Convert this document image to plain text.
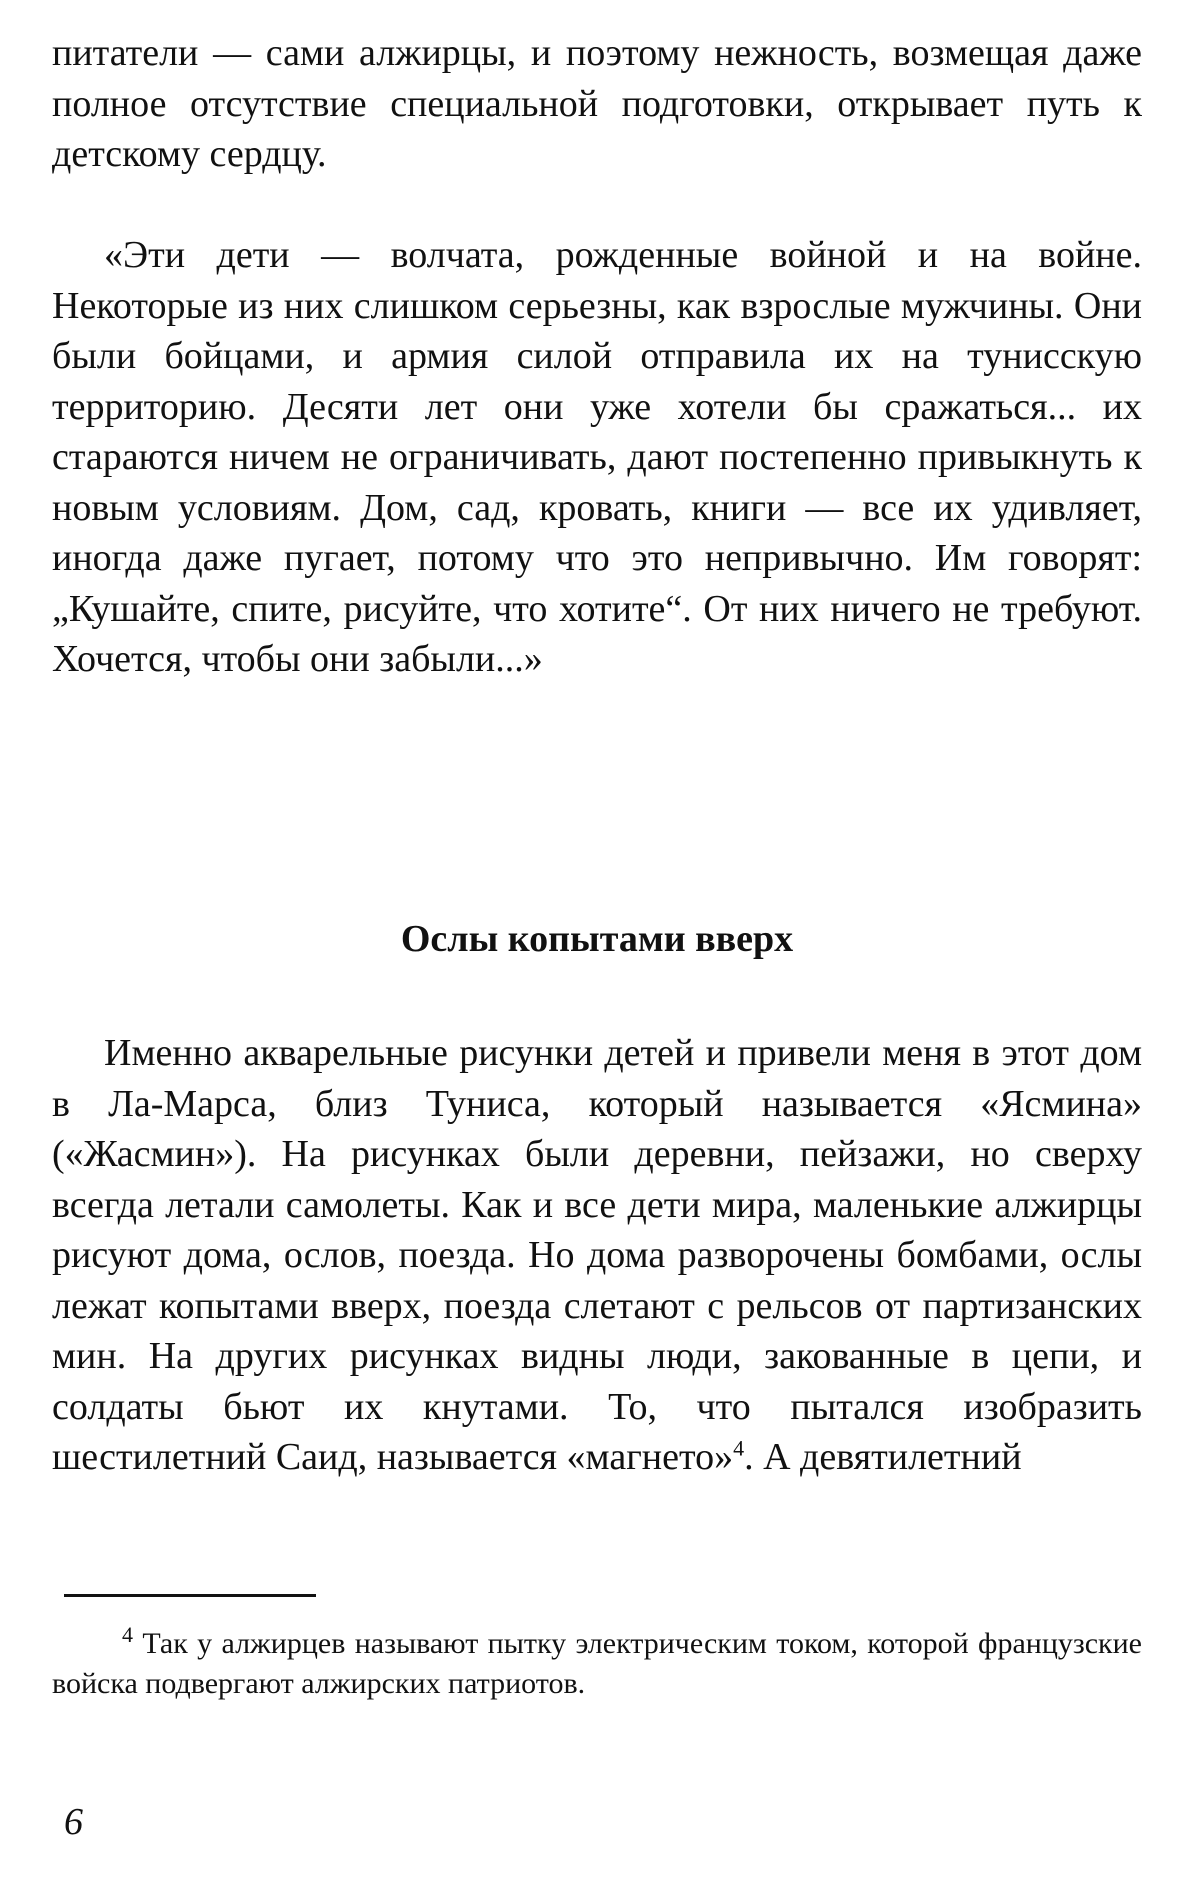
питатели — сами алжирцы, и поэтому нежность, возмещая даже полное отсутствие специальной подготовки, открывает путь к детскому сердцу.

«Эти дети — волчата, рожденные войной и на войне. Некоторые из них слишком серьезны, как взрослые мужчины. Они были бойцами, и армия силой отправила их на тунисскую территорию. Десяти лет они уже хотели бы сражаться... их стараются ничем не ограничивать, дают постепенно привыкнуть к новым условиям. Дом, сад, кровать, книги — все их удивляет, иногда даже пугает, потому что это непривычно. Им говорят: „Кушайте, спите, рисуйте, что хотите“. От них ничего не требуют. Хочется, чтобы они забыли...»

Ослы копытами вверх

Именно акварельные рисунки детей и привели меня в этот дом в Ла-Марса, близ Туниса, который называется «Ясмина» («Жасмин»). На рисунках были деревни, пейзажи, но сверху всегда летали самолеты. Как и все дети мира, маленькие алжирцы рисуют дома, ослов, поезда. Но дома разворочены бомбами, ослы лежат копытами вверх, поезда слетают с рельсов от партизанских мин. На других рисунках видны люди, закованные в цепи, и солдаты бьют их кнутами. То, что пытался изобразить шестилетний Саид, называется «магнето»$^4$. А девятилетний

$^4$ Так у алжирцев называют пытку электрическим током, которой французские войска подвергают алжирских патриотов.

6
